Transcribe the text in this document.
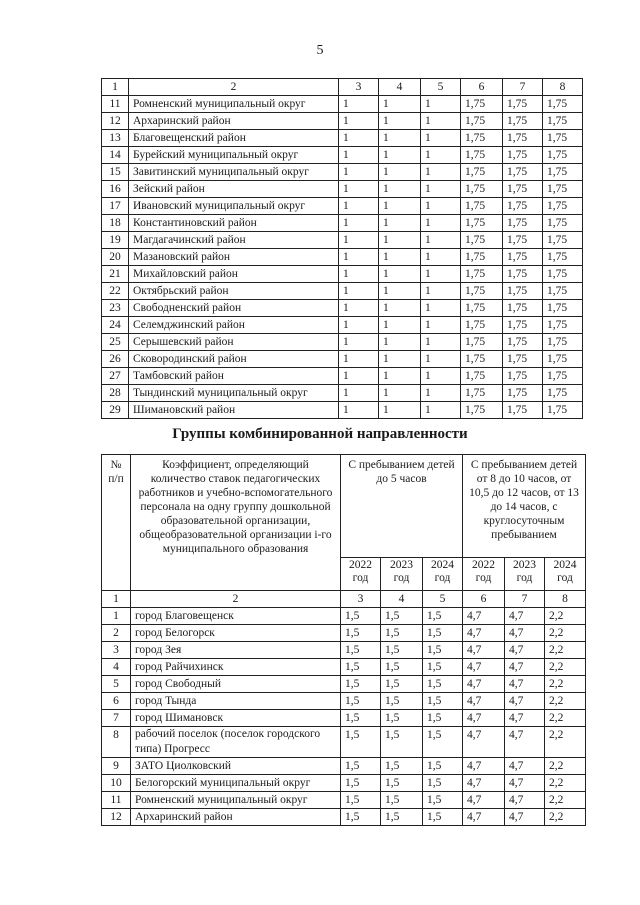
5
1	2	3	4	5	6	7	8
11	Ромненский муниципальный округ	1	1	1	1,75	1,75	1,75
12	Архаринский район	1	1	1	1,75	1,75	1,75
13	Благовещенский район	1	1	1	1,75	1,75	1,75
14	Бурейский муниципальный округ	1	1	1	1,75	1,75	1,75
15	Завитинский муниципальный округ	1	1	1	1,75	1,75	1,75
16	Зейский район	1	1	1	1,75	1,75	1,75
17	Ивановский муниципальный округ	1	1	1	1,75	1,75	1,75
18	Константиновский район	1	1	1	1,75	1,75	1,75
19	Магдагачинский район	1	1	1	1,75	1,75	1,75
20	Мазановский район	1	1	1	1,75	1,75	1,75
21	Михайловский район	1	1	1	1,75	1,75	1,75
22	Октябрьский район	1	1	1	1,75	1,75	1,75
23	Свободненский район	1	1	1	1,75	1,75	1,75
24	Селемджинский район	1	1	1	1,75	1,75	1,75
25	Серышевский район	1	1	1	1,75	1,75	1,75
26	Сковородинский район	1	1	1	1,75	1,75	1,75
27	Тамбовский район	1	1	1	1,75	1,75	1,75
28	Тындинский муниципальный округ	1	1	1	1,75	1,75	1,75
29	Шимановский район	1	1	1	1,75	1,75	1,75
Группы комбинированной направленности
№ п/п	Коэффициент, определяющий количество ставок педагогических работников и учебно-вспомогательного персонала на одну группу дошкольной образовательной организации, общеобразовательной организации i-го муниципального образования	С пребыванием детей до 5 часов			С пребыванием детей от 8 до 10 часов, от 10,5 до 12 часов, от 13 до 14 часов, с круглосуточным пребыванием		
		2022 год	2023 год	2024 год	2022 год	2023 год	2024 год
1	2	3	4	5	6	7	8
1	город Благовещенск	1,5	1,5	1,5	4,7	4,7	2,2
2	город Белогорск	1,5	1,5	1,5	4,7	4,7	2,2
3	город Зея	1,5	1,5	1,5	4,7	4,7	2,2
4	город Райчихинск	1,5	1,5	1,5	4,7	4,7	2,2
5	город Свободный	1,5	1,5	1,5	4,7	4,7	2,2
6	город Тында	1,5	1,5	1,5	4,7	4,7	2,2
7	город Шимановск	1,5	1,5	1,5	4,7	4,7	2,2
8	рабочий поселок (поселок городского типа) Прогресс	1,5	1,5	1,5	4,7	4,7	2,2
9	ЗАТО Циолковский	1,5	1,5	1,5	4,7	4,7	2,2
10	Белогорский муниципальный округ	1,5	1,5	1,5	4,7	4,7	2,2
11	Ромненский муниципальный округ	1,5	1,5	1,5	4,7	4,7	2,2
12	Архаринский район	1,5	1,5	1,5	4,7	4,7	2,2
